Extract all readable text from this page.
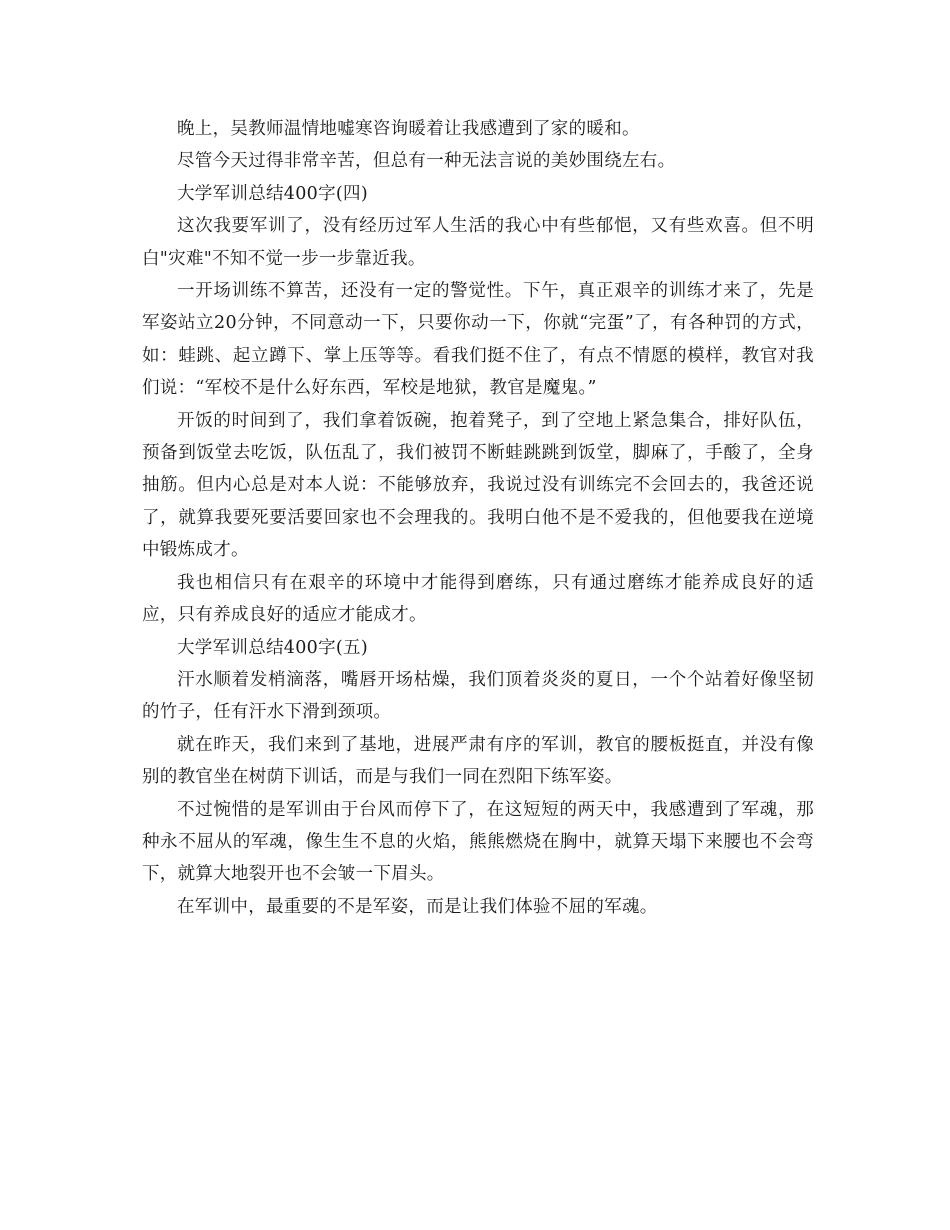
晚上，吴教师温情地嘘寒咨询暖着让我感遭到了家的暖和。

尽管今天过得非常辛苦，但总有一种无法言说的美妙围绕左右。

大学军训总结400字(四)

这次我要军训了，没有经历过军人生活的我心中有些郁悒，又有些欢喜。但不明白"灾难"不知不觉一步一步靠近我。

一开场训练不算苦，还没有一定的警觉性。下午，真正艰辛的训练才来了，先是军姿站立20分钟，不同意动一下，只要你动一下，你就“完蛋”了，有各种罚的方式，如：蛙跳、起立蹲下、掌上压等等。看我们挺不住了，有点不情愿的模样，教官对我们说：“军校不是什么好东西，军校是地狱，教官是魔鬼。”

开饭的时间到了，我们拿着饭碗，抱着凳子，到了空地上紧急集合，排好队伍，预备到饭堂去吃饭，队伍乱了，我们被罚不断蛙跳跳到饭堂，脚麻了，手酸了，全身抽筋。但内心总是对本人说：不能够放弃，我说过没有训练完不会回去的，我爸还说了，就算我要死要活要回家也不会理我的。我明白他不是不爱我的，但他要我在逆境中锻炼成才。

我也相信只有在艰辛的环境中才能得到磨练，只有通过磨练才能养成良好的适应，只有养成良好的适应才能成才。

大学军训总结400字(五)

汗水顺着发梢滴落，嘴唇开场枯燥，我们顶着炎炎的夏日，一个个站着好像坚韧的竹子，任有汗水下滑到颈项。

就在昨天，我们来到了基地，进展严肃有序的军训，教官的腰板挺直，并没有像别的教官坐在树荫下训话，而是与我们一同在烈阳下练军姿。

不过惋惜的是军训由于台风而停下了，在这短短的两天中，我感遭到了军魂，那种永不屈从的军魂，像生生不息的火焰，熊熊燃烧在胸中，就算天塌下来腰也不会弯下，就算大地裂开也不会皱一下眉头。

在军训中，最重要的不是军姿，而是让我们体验不屈的军魂。
